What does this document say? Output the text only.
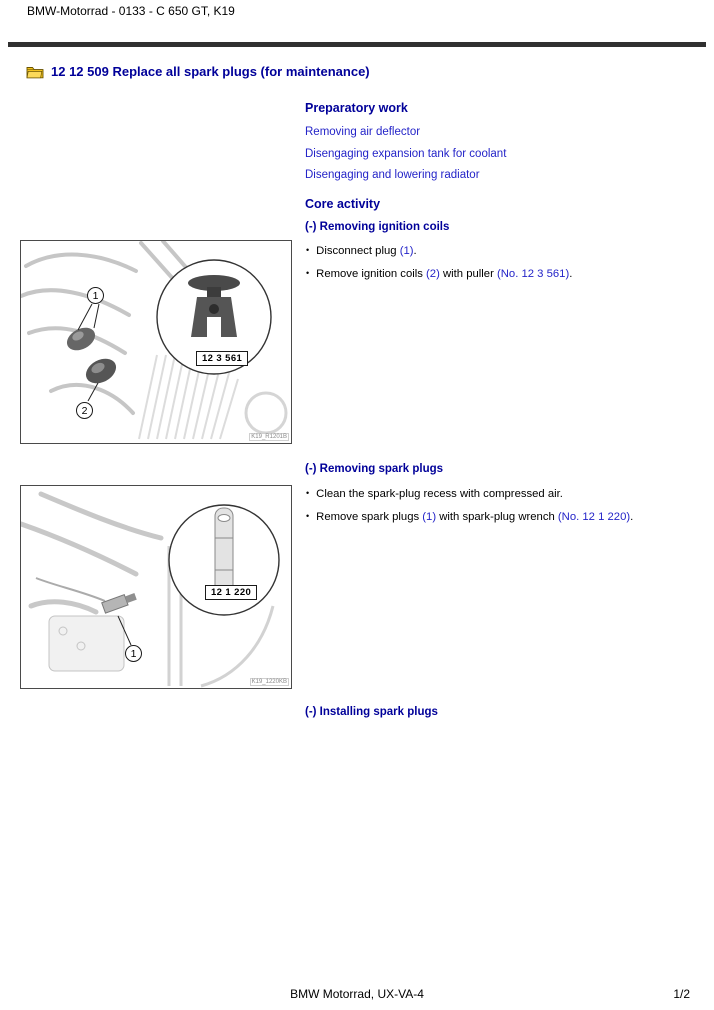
BMW-Motorrad - 0133 - C 650 GT, K19
12 12 509 Replace all spark plugs (for maintenance)
Preparatory work
Removing air deflector
Disengaging expansion tank for coolant
Disengaging and lowering radiator
Core activity
(-) Removing ignition coils
•
Disconnect plug (1).
•
Remove ignition coils (2) with puller (No. 12 3 561).
1
2
12 3 561
K19_R1201B
(-) Removing spark plugs
•
Clean the spark-plug recess with compressed air.
•
Remove spark plugs (1) with spark-plug wrench (No. 12 1 220).
1
12 1 220
K19_1220KB
(-) Installing spark plugs
BMW Motorrad, UX-VA-4	1/2
